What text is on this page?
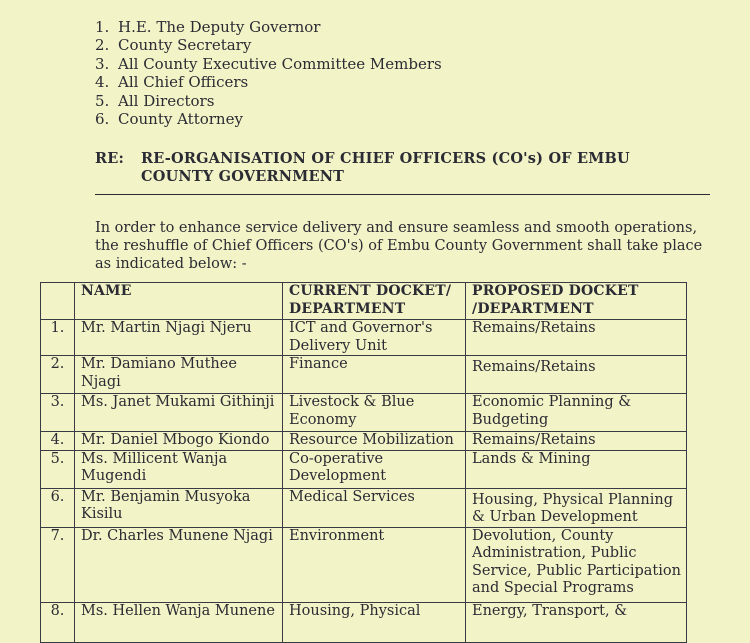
1. H.E. The Deputy Governor
2. County Secretary
3. All County Executive Committee Members
4. All Chief Officers
5. All Directors
6. County Attorney
RE: RE-ORGANISATION OF CHIEF OFFICERS (CO's) OF EMBU COUNTY GOVERNMENT
In order to enhance service delivery and ensure seamless and smooth operations, the reshuffle of Chief Officers (CO's) of Embu County Government shall take place as indicated below: -
	NAME	CURRENT DOCKET/ DEPARTMENT	PROPOSED DOCKET /DEPARTMENT
1.	Mr. Martin Njagi Njeru	ICT and Governor's Delivery Unit	Remains/Retains
2.	Mr. Damiano Muthee Njagi	Finance	Remains/Retains
3.	Ms. Janet Mukami Githinji	Livestock & Blue Economy	Economic Planning & Budgeting
4.	Mr. Daniel Mbogo Kiondo	Resource Mobilization	Remains/Retains
5.	Ms. Millicent Wanja Mugendi	Co-operative Development	Lands & Mining
6.	Mr. Benjamin Musyoka Kisilu	Medical Services	Housing, Physical Planning & Urban Development
7.	Dr. Charles Munene Njagi	Environment	Devolution, County Administration, Public Service, Public Participation and Special Programs
8.	Ms. Hellen Wanja Munene	Housing, Physical	Energy, Transport, &
